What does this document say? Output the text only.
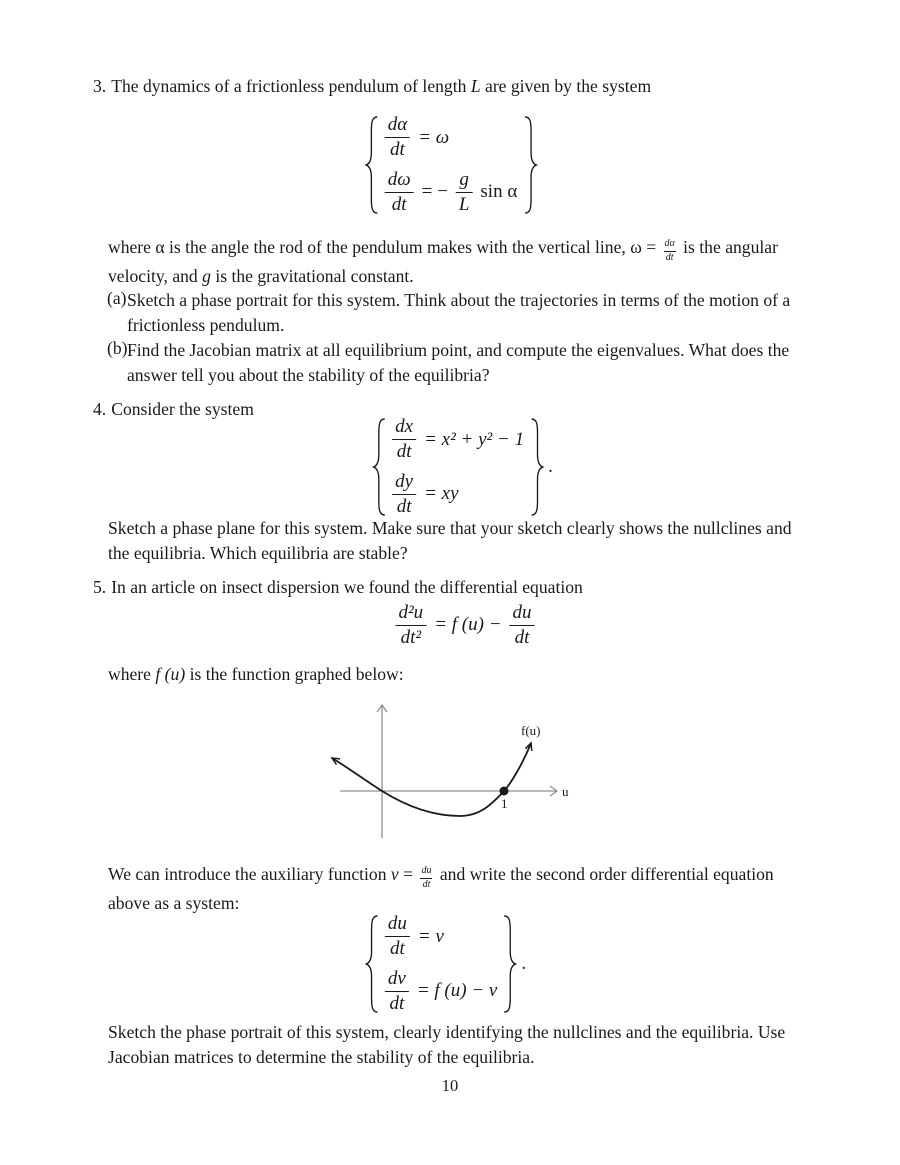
3. The dynamics of a frictionless pendulum of length L are given by the system
$\frac{d\alpha}{dt} = \omega$
$\frac{d\omega}{dt}$ = − $\frac{g}{L}$ sin α
where α is the angle the rod of the pendulum makes with the vertical line, $\omega = \frac{d\alpha}{dt}$ is the angular
velocity, and g is the gravitational constant.
(a) Sketch a phase portrait for this system. Think about the trajectories in terms of the motion of a
frictionless pendulum.
(b) Find the Jacobian matrix at all equilibrium point, and compute the eigenvalues. What does the
answer tell you about the stability of the equilibria?
4. Consider the system
$\frac{dx}{dt} = x^2 + y^2 - 1$
$\frac{dy}{dt}$ = xy
.
Sketch a phase plane for this system. Make sure that your sketch clearly shows the nullclines and
the equilibria. Which equilibria are stable?
5. In an article on insect dispersion we found the differential equation
$\frac{\text{d²u}}{\text{dt²}} = f$ $(u) - \frac{du}{dt}$
where f (u) is the function graphed below:
f(u)
u
1
We can introduce the auxiliary function $v = \frac{du}{dt}$ and write the second order differential equation
above as a system:
$\frac{du}{dt} = v$
$\frac{dv}{dt} = f$ (u) − v
.
Sketch the phase portrait of this system, clearly identifying the nullclines and the equilibria. Use
Jacobian matrices to determine the stability of the equilibria.
10
